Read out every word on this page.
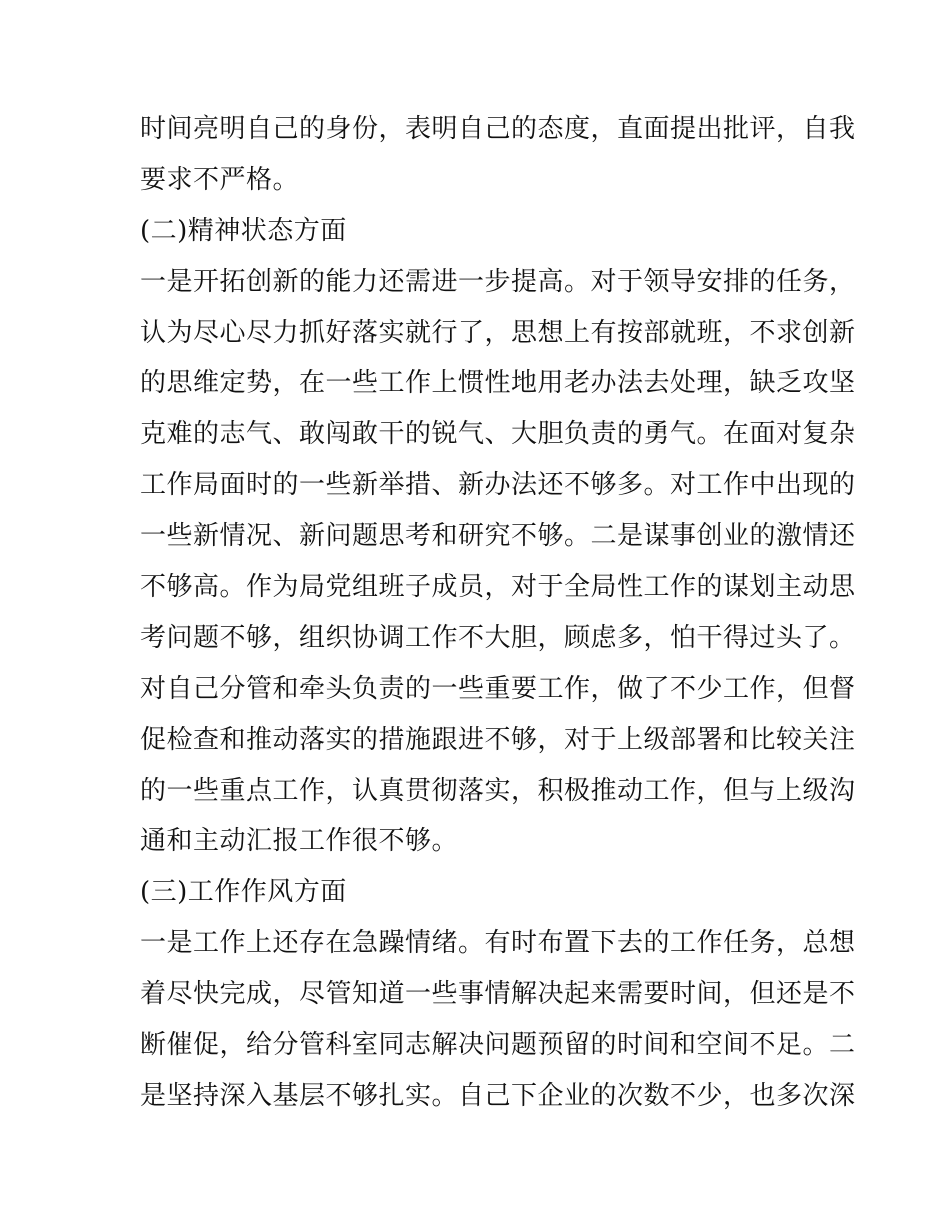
时间亮明自己的身份，表明自己的态度，直面提出批评，自我
要求不严格。
(二)精神状态方面
一是开拓创新的能力还需进一步提高。对于领导安排的任务，
认为尽心尽力抓好落实就行了，思想上有按部就班，不求创新
的思维定势，在一些工作上惯性地用老办法去处理，缺乏攻坚
克难的志气、敢闯敢干的锐气、大胆负责的勇气。在面对复杂
工作局面时的一些新举措、新办法还不够多。对工作中出现的
一些新情况、新问题思考和研究不够。二是谋事创业的激情还
不够高。作为局党组班子成员，对于全局性工作的谋划主动思
考问题不够，组织协调工作不大胆，顾虑多，怕干得过头了。
对自己分管和牵头负责的一些重要工作，做了不少工作，但督
促检查和推动落实的措施跟进不够，对于上级部署和比较关注
的一些重点工作，认真贯彻落实，积极推动工作，但与上级沟
通和主动汇报工作很不够。
(三)工作作风方面
一是工作上还存在急躁情绪。有时布置下去的工作任务，总想
着尽快完成，尽管知道一些事情解决起来需要时间，但还是不
断催促，给分管科室同志解决问题预留的时间和空间不足。二
是坚持深入基层不够扎实。自己下企业的次数不少，也多次深
